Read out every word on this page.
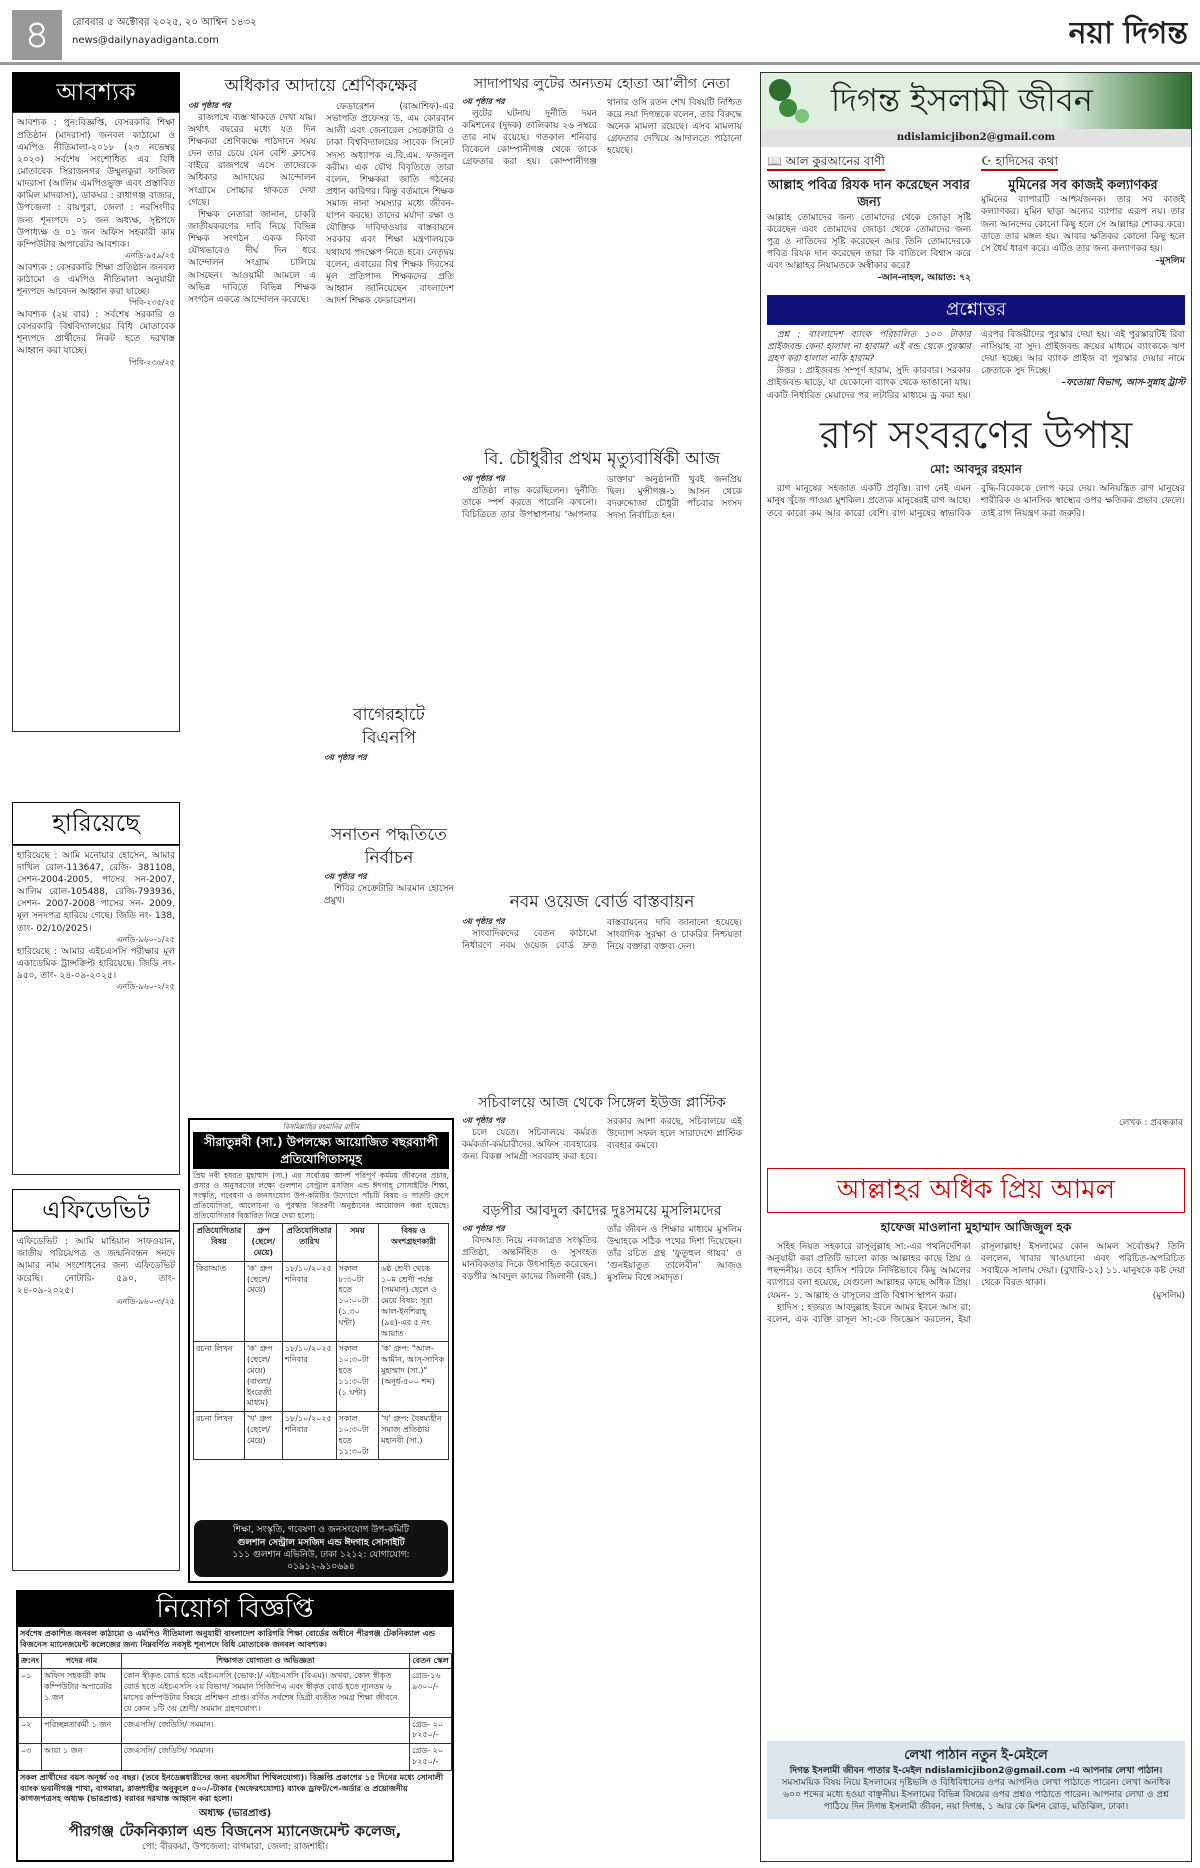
৪	রোববার ৫ অক্টোবর ২০২৫, ২০ আশ্বিন ১৪৩২
news@dailynayadiganta.com	নয়া দিগন্ত
আবশ্যক
আবশ্যক : পুন:বিজ্ঞপ্তি, বেসরকারি শিক্ষা প্রতিষ্ঠান (মাদরাসা) জনবল কাঠামো ও এমপিও নীতিমালা-২০১৮ (২৩ নভেম্বর ২০২০) সর্বশেষ সংশোধিত এর বিধি মোতাবেক সিরাজনগর উম্মুলকুরা ফাজিল মাদরাসা (আলিম এমপিওভুক্ত এবং প্রস্তাবিত কামিল মাদরাসা), ডাকঘর : রাধাগঞ্জ বাজার, উপজেলা : রায়পুরা, জেলা : নরসিংদীর জন্য শূন্যপদে ০১ জন অধ্যক্ষ, সৃষ্টপদে উপাধ্যক্ষ ও ০১ জন অফিস সহকারী কাম কম্পিউটার অপারেটর আবশ্যক।
এনডি-৯৫৯/২৫
আবশ্যক : বেসরকারি শিক্ষা প্রতিষ্ঠান জনবল কাঠামো ও এমপিও নীতিমালা অনুযায়ী শূন্যপদে আবেদন আহ্বান করা যাচ্ছে।
পিবি-২৩৫/২৫
আবশ্যক (২য় বার) : সর্বশেষ সরকারি ও বেসরকারি বিশ্ববিদ্যালয়ের বিধি মোতাবেক শূন্যপদে প্রার্থীদের নিকট হতে দরখাস্ত আহ্বান করা যাচ্ছে।
পিবি-২৩৬/২৫
হারিয়েছে
হারিয়েছে : আমি মনোয়ার হোসেন, আমার দাখিল রোল-113647, রেজি- 381108, সেশন-2004-2005, পাসের সন-2007, আলিম রোল-105488, রেজি-793936, সেশন- 2007-2008 পাসের সন- 2009, মূল সনদপত্র হারিয়ে গেছে। জিডি নং- 138, তাং- 02/10/2025।
এনডি-৯৬০-১/২৫
হারিয়েছে : আমার এইচএসসি পরীক্ষার মূল একাডেমিক ট্রান্সক্রিপ্ট হারিয়েছে। জিডি নং- ৯৫০, তাং- ২৪-০৯-২০২৫।
এনডি-৯৬০-২/২৫
এফিডেভিট
এফিডেভিট : আমি মাহিয়ান সাফওয়ান, জাতীয় পরিচয়পত্র ও জন্মনিবন্ধন সনদে আমার নাম সংশোধনের জন্য এফিডেভিট করেছি। নোটারি- ৫৯০, তাং- ২৪-০৯-২০২৫।
এনডি-৯৬০-৩/২৫
অধিকার আদায়ে শ্রেণিকক্ষের
৩য় পৃষ্ঠার পর

রাজপথে ব্যস্ত থাকতে দেখা যায়। অর্থাৎ বছরের মধ্যে যত দিন শিক্ষকরা শ্রেণিকক্ষে পাঠদানে সময় দেন তার চেয়ে যেন বেশি ক্লাসের বাইরে রাজপথে এসে তাদেরকে অধিকার আদায়ের আন্দোলন সংগ্রামে সোচ্চার থাকতে দেখা গেছে।

শিক্ষক নেতারা জানান, চাকরি জাতীয়করণের দাবি নিয়ে বিভিন্ন শিক্ষক সংগঠন একক কিংবা যৌথভাবেও দীর্ঘ দিন ধরে আন্দোলন সংগ্রাম চালিয়ে আসছেন। আওয়ামী আমলে এ অভিন্ন দাবিতে বিভিন্ন শিক্ষক সংগঠন একত্রে আন্দোলন করেছে।

ফেডারেশন (বাআশিফ)-এর সভাপতি প্রফেসর ড. এম কোরবান আলী এবং জেনারেল সেক্রেটারি ও ঢাকা বিশ্ববিদ্যালয়ের সাবেক সিনেট সদস্য অধ্যাপক এ.বি.এম. ফজলুল করীম। এক যৌথ বিবৃতিতে তারা বলেন, শিক্ষকরা জাতি গঠনের প্রধান কারিগর। কিন্তু বর্তমানে শিক্ষক সমাজ নানা সমস্যার মধ্যে জীবন-যাপন করছে। তাদের মর্যাদা রক্ষা ও যৌক্তিক দাবিদাওয়ার বাস্তবায়নে সরকার এবং শিক্ষা মন্ত্রণালয়কে যথাযথ পদক্ষেপ নিতে হবে। নেতৃদ্বয় বলেন, এবারের বিশ্ব শিক্ষক দিবসের মূল প্রতিপাদ্য শিক্ষকদের প্রতি আহ্বান জানিয়েছেন বাংলাদেশ আদর্শ শিক্ষক ফেডারেশন।

বাগেরহাটে বিএনপি
৩য় পৃষ্ঠার পর
সনাতন পদ্ধতিতে নির্বাচন
৩য় পৃষ্ঠার পর

শিবির সেক্রেটারি আরমান হোসেন প্রমুখ।

বিসমিল্লাহির রহমানির রাহীম
সীরাতুন্নবী (সা.) উপলক্ষ্যে আয়োজিত বছরব্যাপী প্রতিযোগিতাসমূহ
প্রিয় নবী হযরত মুহাম্মাদ (সা.) এর সর্বোত্তম আদর্শ পরিপূর্ণ কর্মময় জীবনের প্রচার, প্রসার ও অনুসরণের লক্ষ্যে গুলশান সেন্ট্রাল মসজিদ এন্ড ঈদগাহ্ সোসাইটির শিক্ষা, সংস্কৃতি, গবেষণা ও জনসংযোগ উপ-কমিটির উদ্যোগে পাঁচটি বিষয় ও সাতটি গ্রুপে প্রতিযোগিতা, আলোচনা ও পুরস্কার বিতরণী অনুষ্ঠানের আয়োজন করা হয়েছে। প্রতিযোগিতার বিস্তারিত নিম্নে দেয়া হলো:
প্রতিযোগিতার বিষয়	গ্রুপ (ছেলে/মেয়ে)	প্রতিযোগিতার তারিখ	সময়	বিষয় ও অংশগ্রহণকারী
কিরাআত	'ক' গ্রুপ (ছেলে/মেয়ে)	১৮/১০/২০২৫ শনিবার	সকাল ৮:৩০টা হতে ১০:০০টা (১.৩০ ঘন্টা)	৬ষ্ঠ শ্রেণী থেকে ১০ম শ্রেণী পর্যন্ত (সমমান) ছেলে ও মেয়ে বিষয়: সূরা আল-ইনশিরাহ্ (৯৪)-এর ৫ নং আয়াত
রচনা লিখন	'ক' গ্রুপ (ছেলে/মেয়ে) (বাংলা/ইংরেজী মাধ্যম)	১৮/১০/২০২৫ শনিবার	সকাল ১০:৩০টা হতে ১১:৩০টা (১ ঘন্টা)	'ক' গ্রুপ: "আল-আমীন, আস্-সাদিক মুহাম্মাদ (সা.)" (অনূর্ধ-৫০০ শব্দ)
রচনা লিখন	'খ' গ্রুপ (ছেলে/মেয়ে)	১৮/১০/২০২৫ শনিবার	সকাল ১০:৩০টা হতে ১১:৩০টা	'খ' গ্রুপ: বৈষম্যহীন সমাজ প্রতিষ্ঠায় মহানবী (সা.)
শিক্ষা, সংস্কৃতি, গবেষণা ও জনসংযোগ উপ-কমিটি
গুলশান সেন্ট্রাল মসজিদ এন্ড ঈদগাহ সোসাইটি
১১১ গুলশান এভিনিউ, ঢাকা ১২১২: যোগাযোগ: ০১৯১২-৯১০৬৯৪
নিয়োগ বিজ্ঞপ্তি
সর্বশেষ প্রকাশিত জনবল কাঠামো ও এমপিও নীতিমালা অনুযায়ী বাংলাদেশ কারিগরি শিক্ষা বোর্ডের অধীনে পীরগঞ্জ টেকনিক্যাল এন্ড বিজনেস ম্যানেজমেন্ট কলেজের জন্য নিম্নবর্ণিত নবসৃষ্ট শূন্যপদে বিধি মোতাবেক জনবল আবশ্যক।
ক্র:নং	পদের নাম	শিক্ষাগত যোগ্যতা ও অভিজ্ঞতা	বেতন স্কেল
০১	অফিস সহকারী কাম কম্পিউটার অপারেটর ১ জন	কোন স্বীকৃত বোর্ড হতে এইচএসসি (ভোক:)/ এইচএসসি (বিএম)। অথবা, কোন স্বীকৃত বোর্ড হতে এইচএসসি ২য় বিভাগ/ সমমান সিজিপিএ এবং স্বীকৃত বোর্ড হতে ন্যূনতম ৬ মাসের কম্পিউটার বিষয়ে প্রশিক্ষণ প্রাপ্ত। বর্ণিত সর্বশেষ ডিগ্রী ব্যতীত সমগ্র শিক্ষা জীবনে যে কোন ১টি ৩য় শ্রেণী/ সমমান গ্রহণযোগ্য।	গ্রেড-১৬ ৯৩০০/-
০২	পরিচ্ছন্নতাকর্মী ১ জন	জেএসসি/ জেডিসি/ সমমান।	গ্রেড- ২০ ৮২৫০/-
০৩	আয়া ১ জন	জেএসসি/ জেডিসি/ সমমান।	গ্রেড- ২০ ৮২৫০/-
সকল প্রার্থীদের বয়স অনূর্ধ্ব ৩৫ বছর। (তবে ইনডেক্সধারীদের জন্য বয়সসীমা শিথিলযোগ্য)। বিজ্ঞপ্তি প্রকাশের ১৫ দিনের মধ্যে সোনালী ব্যাংক ভবানীগঞ্জ শাখা, বাগমারা, রাজশাহীর অনুকূলে ৫০০/-টাকার (অফেরৎযোগ্য) ব্যাংক ড্রাফট/পে-অর্ডার ও প্রয়োজনীয় কাগজপত্রসহ অধ্যক্ষ (ভারপ্রাপ্ত) বরাবর দরখাস্ত আহ্বান করা হলো।
অধ্যক্ষ (ভারপ্রাপ্ত)
পীরগঞ্জ টেকনিক্যাল এন্ড বিজনেস ম্যানেজমেন্ট কলেজ,
পো: বীরকয়া, উপজেলা: বাগমারা, জেলা: রাজশাহী।
সাদাপাথর লুটের অন্যতম হোতা আ’লীগ নেতা
৩য় পৃষ্ঠার পর

লুটের ঘটনায় দুর্নীতি দমন কমিশনের (দুদক) তালিকায় ২৬ নম্বরে তার নাম রয়েছে। গতকাল শনিবার বিকেলে কোম্পানীগঞ্জ থেকে তাকে গ্রেফতার করা হয়। কোম্পানীগঞ্জ থানার ওসি রতন শেখ বিষয়টি নিশ্চিত করে নয়া দিগন্তকে বলেন, তার বিরুদ্ধে অনেক মামলা রয়েছে। এসব মামলায় গ্রেফতার দেখিয়ে আদালতে পাঠানো হয়েছে।

বি. চৌধুরীর প্রথম মৃত্যুবার্ষিকী আজ
৩য় পৃষ্ঠার পর

প্রতিষ্ঠা লাভ করেছিলেন। দুর্নীতি তাকে স্পর্শ করতে পারেনি কখনো। বিচিত্রিতে তার উপস্থাপনায় ‘আপনার ডাক্তার’ অনুষ্ঠানটি খুবই জনপ্রিয় ছিল। মুন্সীগঞ্জ-১ আসন থেকে বদরুদ্দোজা চৌধুরী পাঁচবার সংসদ সদস্য নির্বাচিত হন।

নবম ওয়েজ বোর্ড বাস্তবায়ন
৩য় পৃষ্ঠার পর

সাংবাদিকদের বেতন কাঠামো নির্ধারণে নবম ওয়েজ বোর্ড দ্রুত বাস্তবায়নের দাবি জানানো হয়েছে। সাংবাদিক সুরক্ষা ও চাকরির নিশ্চয়তা নিয়ে বক্তারা বক্তব্য দেন।

সচিবালয়ে আজ থেকে সিঙ্গেল ইউজ প্লাস্টিক
৩য় পৃষ্ঠার পর

চলে যেতে। সচিবালয়ে কর্মরত কর্মকর্তা-কর্মচারীদের অফিস ব্যবহারের জন্য বিকল্প সামগ্রী সরবরাহ করা হবে। সরকার আশা করছে, সচিবালয়ে এই উদ্যোগ সফল হলে সারাদেশে প্লাস্টিক ব্যবহার কমবে।

বড়পীর আবদুল কাদের দুঃসময়ে মুসলিমদের
৩য় পৃষ্ঠার পর

বিদআত নিয়ে নবজাগ্রত সংস্কৃতির প্রতিষ্ঠা, অন্তর্নিহিত ও সুসংহত মানবিকতার দিকে উৎসাহিত করেছেন। বড়পীর আবদুল কাদের জিলানী (রহ.) তাঁর জীবন ও শিক্ষার মাধ্যমে মুসলিম উম্মাহকে সঠিক পথের দিশা দিয়েছেন। তাঁর রচিত গ্রন্থ ‘ফুতুহুল গায়ব’ ও ‘গুনইয়াতুত তালেবীন’ আজও মুসলিম বিশ্বে সমাদৃত।

দিগন্ত ইসলামী জীবন
ndislamicjibon2@gmail.com
📖 আল কুরআনের বাণী
আল্লাহ পবিত্র রিযক দান করেছেন সবার জন্য
আল্লাহ তোমাদের জন্য তোমাদের থেকে জোড়া সৃষ্টি করেছেন এবং তোমাদের জোড়া থেকে তোমাদের জন্য পুত্র ও নাতিদের সৃষ্টি করেছেন আর তিনি তোমাদেরকে পবিত্র রিযক দান করেছেন তারা কি বাতিলে বিশ্বাস করে এবং আল্লাহর নিয়ামতকে অস্বীকার করে?
–আন-নাহল, আয়াত: ৭২
☪ হাদিসের কথা
মুমিনের সব কাজই কল্যাণকর
মুমিনের ব্যাপারটি আশ্চর্যজনক। তার সব কাজই কল্যাণকর। মুমিন ছাড়া অন্যের ব্যাপার এরূপ নয়। তার জন্য আনন্দের কোনো কিছু হলে সে আল্লাহর শোকর করে। তাতে তার মঙ্গল হয়। আবার ক্ষতিকর কোনো কিছু হলে সে ধৈর্য ধারণ করে। এটিও তার জন্য কল্যাণকর হয়।
–মুসলিম
প্রশ্নোত্তর

প্রশ্ন : বাংলাদেশ ব্যাংক পরিচালিত ১০০ টাকার প্রাইজবন্ড কেনা হালাল না হারাম? এই বন্ড থেকে পুরস্কার গ্রহণ করা হালাল নাকি হারাম?

উত্তর : প্রাইজবন্ড সম্পূর্ণ হারাম, সুদি কারবার। সরকার প্রাইজবন্ড ছাড়ে, যা যেকোনো ব্যাংক থেকে ভাঙানো যায়। একটি নির্ধারিত মেয়াদের পর লটারির মাধ্যমে ড্র করা হয়। এরপর বিজয়ীদের পুরস্কার দেয়া হয়। এই পুরস্কারটিই রিবা নাসিয়াহ বা সুদ। প্রাইজবন্ড ক্রয়ের মাধ্যমে ব্যাংককে ঋণ দেয়া হচ্ছে। আর ব্যাংক প্রাইজ বা পুরস্কার দেয়ার নামে ক্রেতাকে সুদ দিচ্ছে।

–ফতোয়া বিভাগ, আস-সুন্নাহ ট্রাস্ট
রাগ সংবরণের উপায়
মো: আবদুর রহমান

রাগ মানুষের সহজাত একটি প্রবৃত্তি। রাগ নেই এমন মানুষ খুঁজে পাওয়া মুশকিল। প্রত্যেক মানুষেরই রাগ আছে। তবে কারো কম আর কারো বেশি। রাগ মানুষের স্বাভাবিক বুদ্ধি-বিবেককে লোপ করে দেয়। অনিয়ন্ত্রিত রাগ মানুষের শারীরিক ও মানসিক স্বাস্থ্যের ওপর ক্ষতিকর প্রভাব ফেলে। তাই রাগ নিয়ন্ত্রণ করা জরুরি।

লেখক : প্রবন্ধকার
আল্লাহর অধিক প্রিয় আমল
হাফেজ মাওলানা মুহাম্মাদ আজিজুল হক

সহিহ নিয়ত সহকারে রাসূলুল্লাহ সা:-এর পথনির্দেশিকা অনুযায়ী করা প্রতিটি ভালো কাজ আল্লাহর কাছে প্রিয় ও পছন্দনীয়। তবে হাদিস শরিফে নির্দিষ্টভাবে কিছু আমলের ব্যাপারে বলা হয়েছে, যেগুলো আল্লাহর কাছে অধিক প্রিয়। যেমন– ১. আল্লাহ ও রাসূলের প্রতি বিশ্বাস স্থাপন করা।

হাদিস : হজরত আবদুল্লাহ ইবনে আমর ইবনে আস রা: বলেন, এক ব্যক্তি রাসূল সা:-কে জিজ্ঞেস করলেন, ইয়া রাসূলাল্লাহ! ইসলামের কোন আমল সর্বোত্তম? তিনি বললেন, খাবার খাওয়ানো এবং পরিচিত-অপরিচিত সবাইকে সালাম দেয়া। (বুখারি-১২) ১১. মানুষকে কষ্ট দেয়া থেকে বিরত থাকা।

(মুসলিম)
লেখা পাঠান নতুন ই-মেইলে
দিগন্ত ইসলামী জীবন পাতার ই-মেইল ndislamicjibon2@gmail.com -এ আপনার লেখা পাঠান।
সমসাময়িক বিষয় নিয়ে ইসলামের দৃষ্টিভঙ্গি ও বিধিবিধানের ওপর আপনিও লেখা পাঠাতে পারেন। লেখা অনধিক ৬০০ শব্দের মধ্যে হওয়া বাঞ্ছনীয়। ইসলামের বিভিন্ন বিষয়ের ওপর প্রশ্নও পাঠাতে পারেন। আপনার লেখা ও প্রশ্ন পাঠিয়ে দিন দিগন্ত ইসলামী জীবন, নয়া দিগন্ত, ১ আর কে মিশন রোড, মতিঝিল, ঢাকা।
